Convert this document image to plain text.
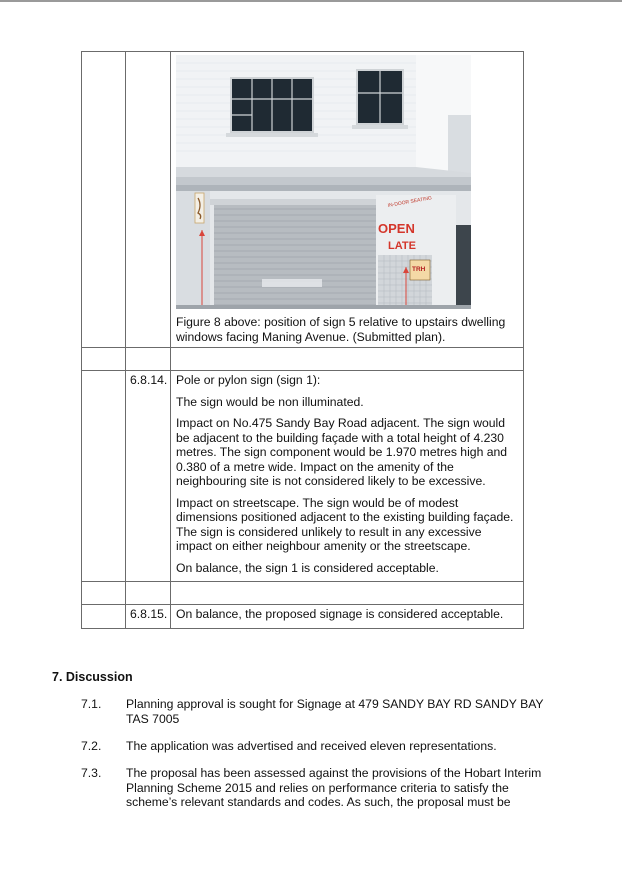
IN-DOOR SEATING
OPEN
LATE
TRH

Figure 8 above: position of sign 5 relative to upstairs dwelling windows facing Maning Avenue. (Submitted plan).

	6.8.14.	Pole or pylon sign (sign 1):

The sign would be non illuminated.

Impact on No.475 Sandy Bay Road adjacent. The sign would be adjacent to the building façade with a total height of 4.230 metres. The sign component would be 1.970 metres high and 0.380 of a metre wide. Impact on the amenity of the neighbouring site is not considered likely to be excessive.

Impact on streetscape. The sign would be of modest dimensions positioned adjacent to the existing building façade. The sign is considered unlikely to result in any excessive impact on either neighbour amenity or the streetscape.

On balance, the sign 1 is considered acceptable.

	6.8.15.	On balance, the proposed signage is considered acceptable.

7. Discussion
7.1. Planning approval is sought for Signage at 479 SANDY BAY RD SANDY BAY TAS 7005
7.2. The application was advertised and received eleven representations.
7.3. The proposal has been assessed against the provisions of the Hobart Interim Planning Scheme 2015 and relies on performance criteria to satisfy the scheme’s relevant standards and codes. As such, the proposal must be
